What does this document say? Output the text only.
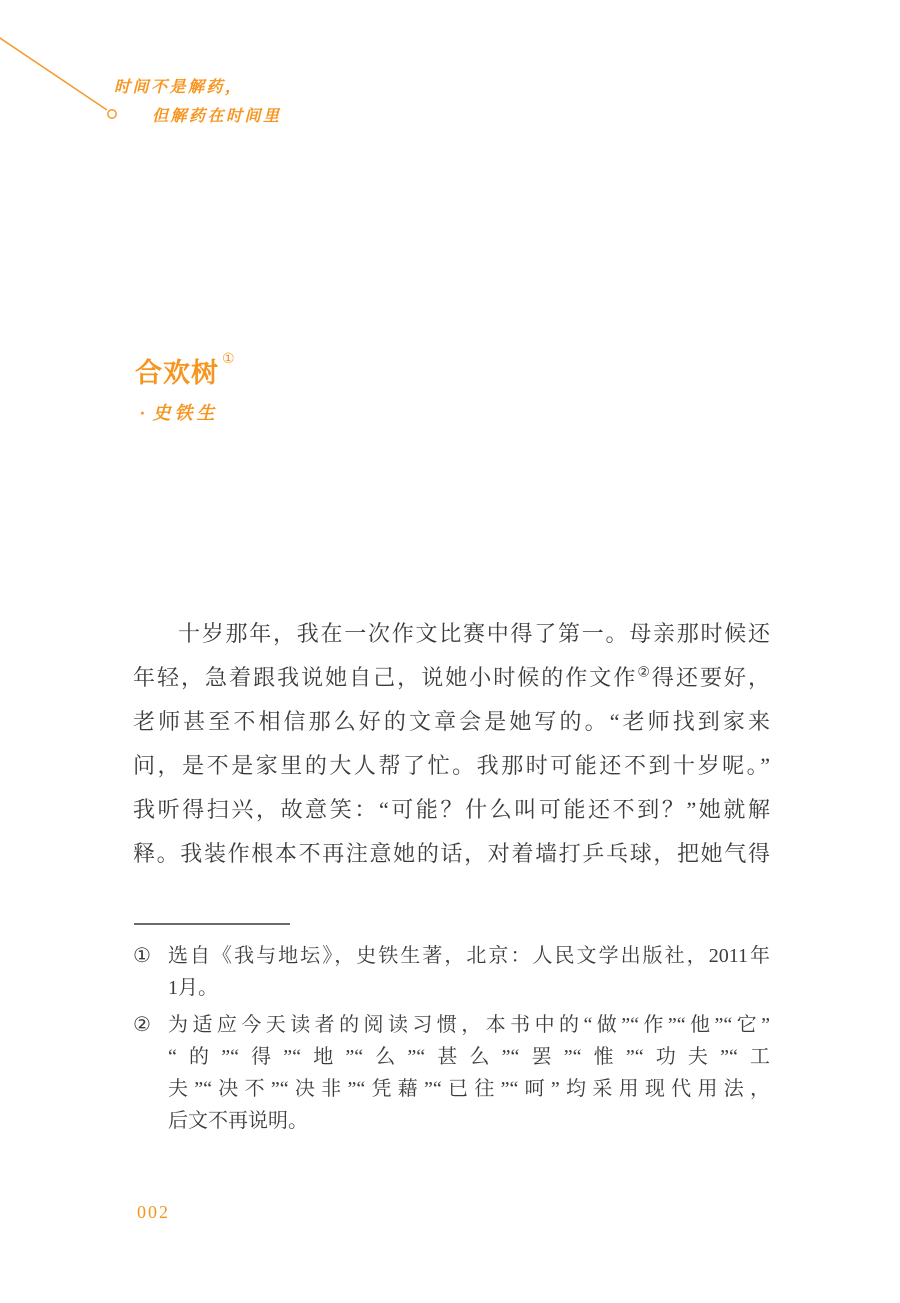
时间不是解药，
但解药在时间里
合欢树 ①
· 史铁生
十岁那年，我在一次作文比赛中得了第一。母亲那时候还
年轻，急着跟我说她自己，说她小时候的作文作②得还要好，
老师甚至不相信那么好的文章会是她写的。“老师找到家来
问，是不是家里的大人帮了忙。我那时可能还不到十岁呢。”
我听得扫兴，故意笑：“可能？什么叫可能还不到？”她就解
释。我装作根本不再注意她的话，对着墙打乒乓球，把她气得
① 选自《我与地坛》，史铁生著，北京：人民文学出版社，2011年
1月。
② 为适应今天读者的阅读习惯，本书中的“做”“作”“他”“它”
“的”“得”“地”“么”“甚么”“罢”“惟”“功夫”“工
夫”“决不”“决非”“凭藉”“已往”“呵”均采用现代用法，
后文不再说明。
002
